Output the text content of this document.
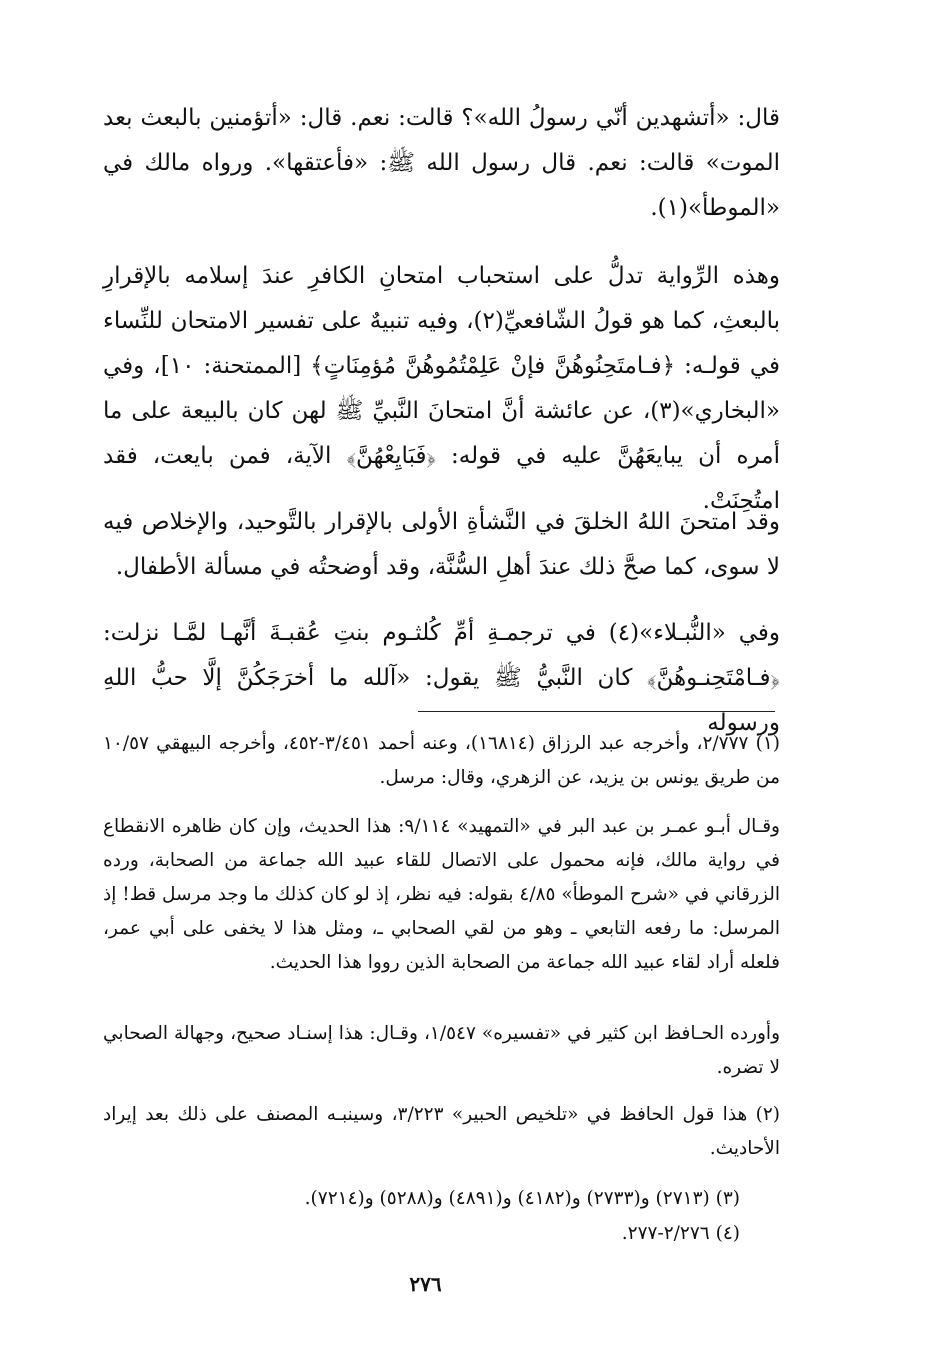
قال: «أتشهدين أنّي رسولُ الله»؟ قالت: نعم. قال: «أتؤمنين بالبعث بعد الموت» قالت: نعم. قال رسول الله ﷺ: «فأعتقها». ورواه مالك في «الموطأ»(١).

وهذه الرِّواية تدلُّ على استحباب امتحانِ الكافرِ عندَ إسلامه بالإقرارِ بالبعثِ، كما هو قولُ الشّافعيِّ(٢)، وفيه تنبيهٌ على تفسير الامتحان للنِّساء في قولـه: ﴿فـامتَحِنُوهُنَّ فإنْ عَلِمْتُمُوهُنَّ مُؤمِنَاتٍ﴾ [الممتحنة: ١٠]، وفي «البخاري»(٣)، عن عائشة أنَّ امتحانَ النَّبيِّ ﷺ لهن كان بالبيعة على ما أمره أن يبايعَهُنَّ عليه في قوله: ﴿فَبَايِعْهُنَّ﴾ الآية، فمن بايعت، فقد امتُحِنَتْ.

وقد امتحنَ اللهُ الخلقَ في النَّشأةِ الأولى بالإقرار بالتَّوحيد، والإخلاص فيه لا سوى، كما صحَّ ذلك عندَ أهلِ السُّنَّة، وقد أوضحتُه في مسألة الأطفال.

وفي «النُّبـلاء»(٤) في ترجمـةِ أمِّ كُلثـوم بنتِ عُقبـةَ أنَّهـا لمَّـا نزلت: ﴿فـامْتَحِنـوهُنَّ﴾ كان النَّبيُّ ﷺ يقول: «آلله ما أخرَجَكُنَّ إلَّا حبُّ اللهِ ورسوله

(١) ٢/٧٧٧، وأخرجه عبد الرزاق (١٦٨١٤)، وعنه أحمد ٣/٤٥١-٤٥٢، وأخرجه البيهقي ١٠/٥٧ من طريق يونس بن يزيد، عن الزهري، وقال: مرسل.

وقـال أبـو عمـر بن عبد البر في «التمهيد» ٩/١١٤: هذا الحديث، وإن كان ظاهره الانقطاع في رواية مالك، فإنه محمول على الاتصال للقاء عبيد الله جماعة من الصحابة، ورده الزرقاني في «شرح الموطأ» ٤/٨٥ بقوله: فيه نظر، إذ لو كان كذلك ما وجد مرسل قط! إذ المرسل: ما رفعه التابعي ـ وهو من لقي الصحابي ـ، ومثل هذا لا يخفى على أبي عمر، فلعله أراد لقاء عبيد الله جماعة من الصحابة الذين رووا هذا الحديث.

وأورده الحـافظ ابن كثير في «تفسيره» ١/٥٤٧، وقـال: هذا إسنـاد صحيح، وجهالة الصحابي لا تضره.

(٢) هذا قول الحافظ في «تلخيص الحبير» ٣/٢٢٣، وسينبـه المصنف على ذلك بعد إيراد الأحاديث.

(٣) (٢٧١٣) و(٢٧٣٣) و(٤١٨٢) و(٤٨٩١) و(٥٢٨٨) و(٧٢١٤).

(٤) ٢/٢٧٦-٢٧٧.

٢٧٦
